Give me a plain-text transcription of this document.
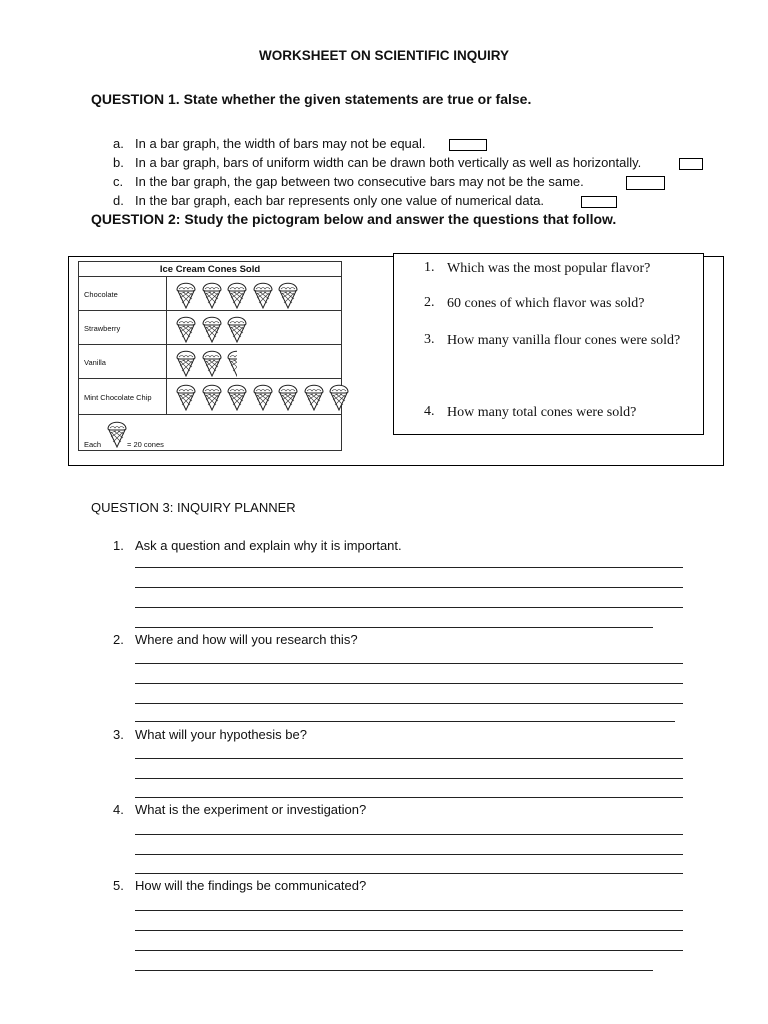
WORKSHEET ON SCIENTIFIC INQUIRY
QUESTION 1. State whether the given statements are true or false.
a. In a bar graph, the width of bars may not be equal.
b. In a bar graph, bars of uniform width can be drawn both vertically as well as horizontally.
c. In the bar graph, the gap between two consecutive bars may not be the same.
d. In the bar graph, each bar represents only one value of numerical data.
QUESTION 2: Study the pictogram below and answer the questions that follow.
Ice Cream Cones Sold
Chocolate
Strawberry
Vanilla
Mint Chocolate Chip
Each	= 20 cones
1. Which was the most popular flavor?
2. 60 cones of which flavor was sold?
3. How many vanilla flour cones were sold?
4. How many total cones were sold?
QUESTION 3: INQUIRY PLANNER
1. Ask a question and explain why it is important.
2. Where and how will you research this?
3. What will your hypothesis be?
4. What is the experiment or investigation?
5. How will the findings be communicated?
